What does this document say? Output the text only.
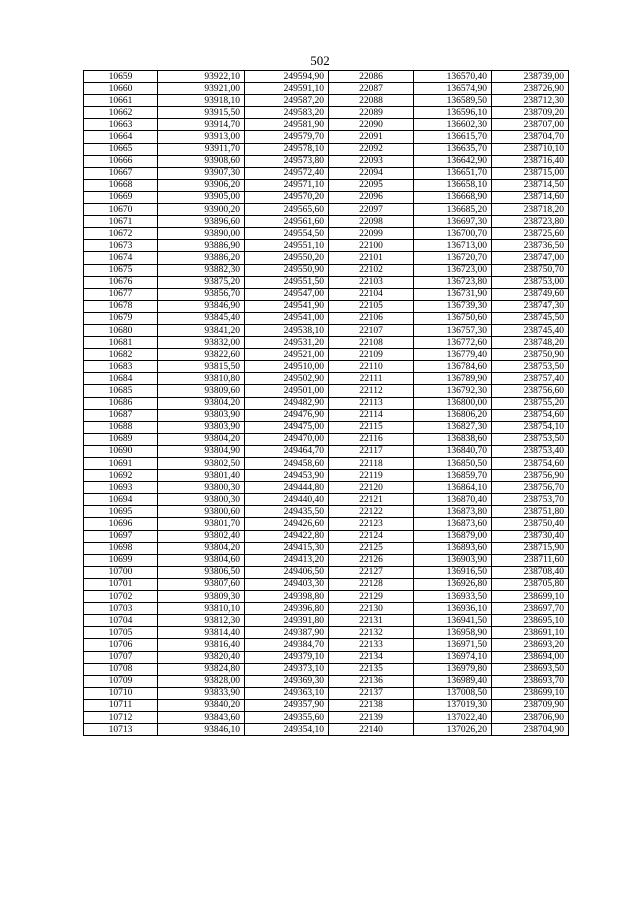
502
10659	93922,10	249594,90	22086	136570,40	238739,00
10660	93921,00	249591,10	22087	136574,90	238726,90
10661	93918,10	249587,20	22088	136589,50	238712,30
10662	93915,50	249583,20	22089	136596,10	238709,20
10663	93914,70	249581,90	22090	136602,30	238707,00
10664	93913,00	249579,70	22091	136615,70	238704,70
10665	93911,70	249578,10	22092	136635,70	238710,10
10666	93908,60	249573,80	22093	136642,90	238716,40
10667	93907,30	249572,40	22094	136651,70	238715,00
10668	93906,20	249571,10	22095	136658,10	238714,50
10669	93905,00	249570,20	22096	136668,90	238714,60
10670	93900,20	249565,60	22097	136685,20	238718,20
10671	93896,60	249561,60	22098	136697,30	238723,80
10672	93890,00	249554,50	22099	136700,70	238725,60
10673	93886,90	249551,10	22100	136713,00	238736,50
10674	93886,20	249550,20	22101	136720,70	238747,00
10675	93882,30	249550,90	22102	136723,00	238750,70
10676	93875,20	249551,50	22103	136723,80	238753,00
10677	93856,70	249547,00	22104	136731,90	238749,60
10678	93846,90	249541,90	22105	136739,30	238747,30
10679	93845,40	249541,00	22106	136750,60	238745,50
10680	93841,20	249538,10	22107	136757,30	238745,40
10681	93832,00	249531,20	22108	136772,60	238748,20
10682	93822,60	249521,00	22109	136779,40	238750,90
10683	93815,50	249510,00	22110	136784,60	238753,50
10684	93810,80	249502,90	22111	136789,90	238757,40
10685	93809,60	249501,00	22112	136792,30	238756,60
10686	93804,20	249482,90	22113	136800,00	238755,20
10687	93803,90	249476,90	22114	136806,20	238754,60
10688	93803,90	249475,00	22115	136827,30	238754,10
10689	93804,20	249470,00	22116	136838,60	238753,50
10690	93804,90	249464,70	22117	136840,70	238753,40
10691	93802,50	249458,60	22118	136850,50	238754,60
10692	93801,40	249453,90	22119	136859,70	238756,90
10693	93800,30	249444,80	22120	136864,10	238756,70
10694	93800,30	249440,40	22121	136870,40	238753,70
10695	93800,60	249435,50	22122	136873,80	238751,80
10696	93801,70	249426,60	22123	136873,60	238750,40
10697	93802,40	249422,80	22124	136879,00	238730,40
10698	93804,20	249415,30	22125	136893,60	238715,90
10699	93804,60	249413,20	22126	136903,90	238711,60
10700	93806,50	249406,50	22127	136916,50	238708,40
10701	93807,60	249403,30	22128	136926,80	238705,80
10702	93809,30	249398,80	22129	136933,50	238699,10
10703	93810,10	249396,80	22130	136936,10	238697,70
10704	93812,30	249391,80	22131	136941,50	238695,10
10705	93814,40	249387,90	22132	136958,90	238691,10
10706	93816,40	249384,70	22133	136971,50	238693,20
10707	93820,40	249379,10	22134	136974,10	238694,00
10708	93824,80	249373,10	22135	136979,80	238693,50
10709	93828,00	249369,30	22136	136989,40	238693,70
10710	93833,90	249363,10	22137	137008,50	238699,10
10711	93840,20	249357,90	22138	137019,30	238709,90
10712	93843,60	249355,60	22139	137022,40	238706,90
10713	93846,10	249354,10	22140	137026,20	238704,90
